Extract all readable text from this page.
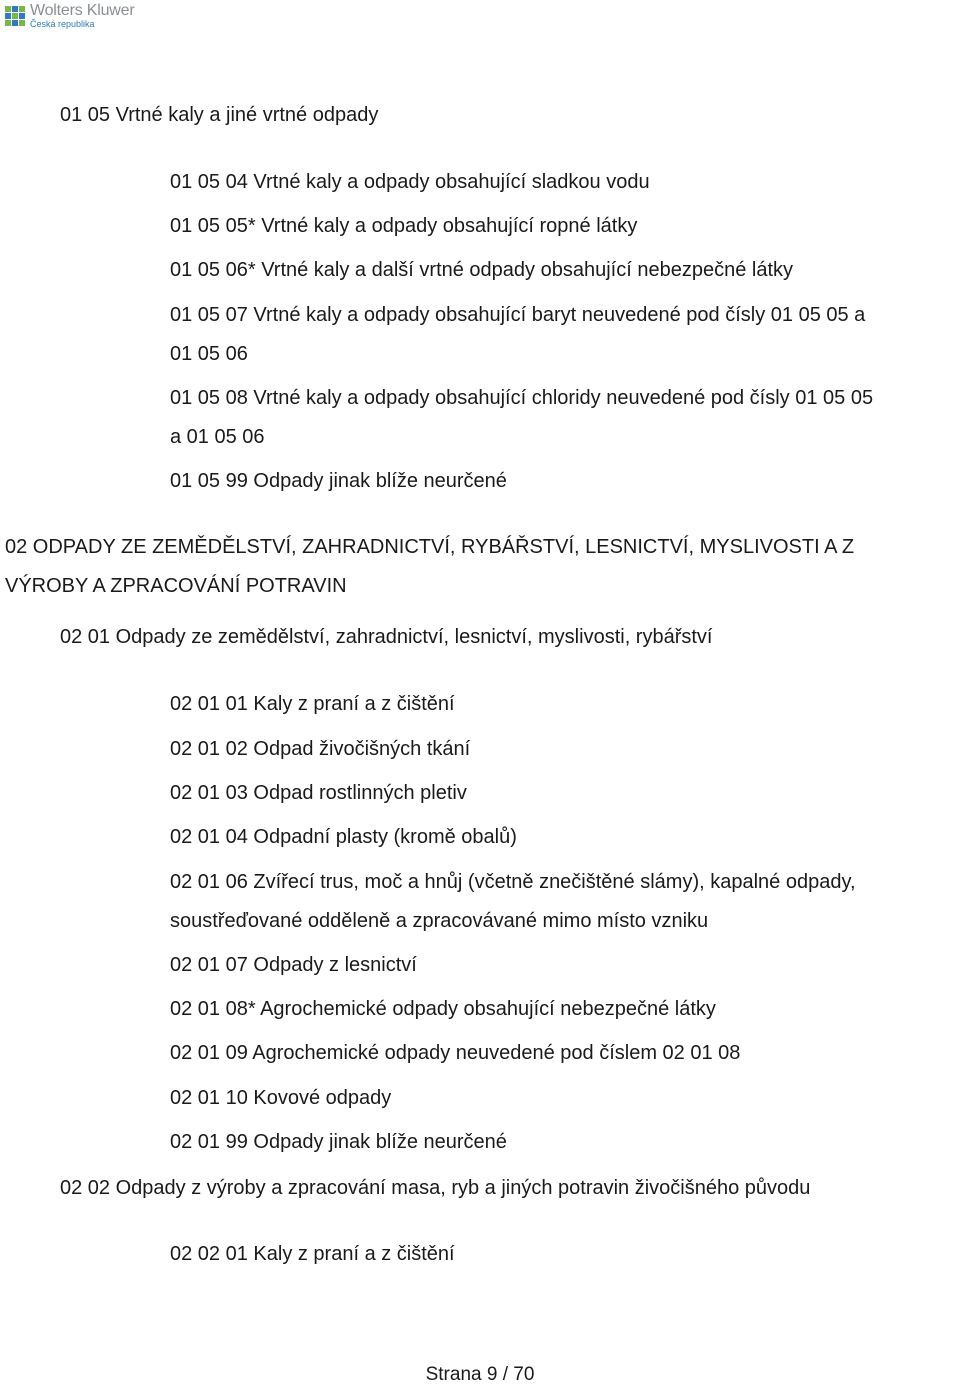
Wolters Kluwer
Česká republika
01 05 Vrtné kaly a jiné vrtné odpady
01 05 04 Vrtné kaly a odpady obsahující sladkou vodu
01 05 05* Vrtné kaly a odpady obsahující ropné látky
01 05 06* Vrtné kaly a další vrtné odpady obsahující nebezpečné látky
01 05 07 Vrtné kaly a odpady obsahující baryt neuvedené pod čísly 01 05 05 a
01 05 06
01 05 08 Vrtné kaly a odpady obsahující chloridy neuvedené pod čísly 01 05 05
a 01 05 06
01 05 99 Odpady jinak blíže neurčené
02 ODPADY ZE ZEMĚDĚLSTVÍ, ZAHRADNICTVÍ, RYBÁŘSTVÍ, LESNICTVÍ, MYSLIVOSTI A Z
VÝROBY A ZPRACOVÁNÍ POTRAVIN
02 01 Odpady ze zemědělství, zahradnictví, lesnictví, myslivosti, rybářství
02 01 01 Kaly z praní a z čištění
02 01 02 Odpad živočišných tkání
02 01 03 Odpad rostlinných pletiv
02 01 04 Odpadní plasty (kromě obalů)
02 01 06 Zvířecí trus, moč a hnůj (včetně znečištěné slámy), kapalné odpady,
soustřeďované odděleně a zpracovávané mimo místo vzniku
02 01 07 Odpady z lesnictví
02 01 08* Agrochemické odpady obsahující nebezpečné látky
02 01 09 Agrochemické odpady neuvedené pod číslem 02 01 08
02 01 10 Kovové odpady
02 01 99 Odpady jinak blíže neurčené
02 02 Odpady z výroby a zpracování masa, ryb a jiných potravin živočišného původu
02 02 01 Kaly z praní a z čištění
Strana 9 / 70
